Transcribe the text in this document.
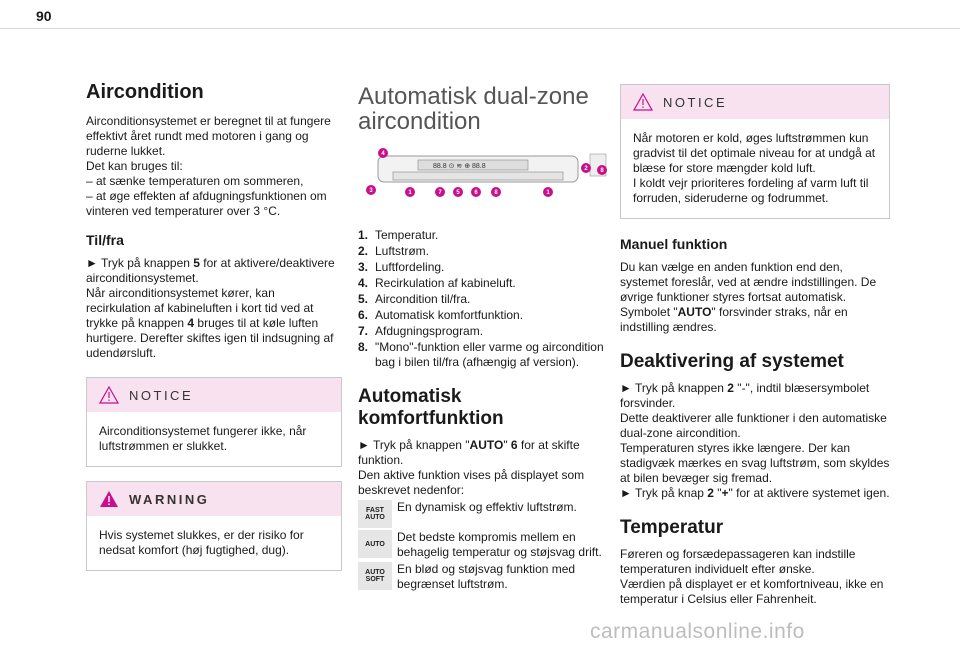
90
Aircondition

Airconditionsystemet er beregnet til at fungere effektivt året rundt med motoren i gang og ruderne lukket.

Det kan bruges til:

– at sænke temperaturen om sommeren,

– at øge effekten af afdugningsfunktionen om vinteren ved temperaturer over 3 °C.

Til/fra

► Tryk på knappen 5 for at aktivere/deaktivere airconditionsystemet.

Når airconditionsystemet kører, kan recirkulation af kabineluften i kort tid ved at trykke på knappen 4 bruges til at køle luften hurtigere. Derefter skiftes igen til indsugning af udendørsluft.

NOTICE
Airconditionsystemet fungerer ikke, når luftstrømmen er slukket.
WARNING
Hvis systemet slukkes, er der risiko for nedsat komfort (høj fugtighed, dug).
Automatisk dual-zone aircondition
88.8 ⊙ ≋ ⊕ 88.8
4
3	1	7 5 6	8	1
2 8
1. Temperatur.
2. Luftstrøm.
3. Luftfordeling.
4. Recirkulation af kabineluft.
5. Aircondition til/fra.
6. Automatisk komfortfunktion.
7. Afdugningsprogram.
8. "Mono"-funktion eller varme og aircondition bag i bilen til/fra (afhængig af version).
Automatisk komfortfunktion

► Tryk på knappen "AUTO" 6 for at skifte funktion.

Den aktive funktion vises på displayet som beskrevet nedenfor:

FAST
AUTO

En dynamisk og effektiv luftstrøm.

AUTO Det bedste kompromis mellem en behagelig temperatur og støjsvag drift.

AUTO
SOFT

En blød og støjsvag funktion med begrænset luftstrøm.

NOTICE

Når motoren er kold, øges luftstrømmen kun gradvist til det optimale niveau for at undgå at blæse for store mængder kold luft.

I koldt vejr prioriteres fordeling af varm luft til forruden, sideruderne og fodrummet.

Manuel funktion

Du kan vælge en anden funktion end den, systemet foreslår, ved at ændre indstillingen. De øvrige funktioner styres fortsat automatisk.

Symbolet "AUTO" forsvinder straks, når en indstilling ændres.

Deaktivering af systemet

► Tryk på knappen 2 "-", indtil blæsersymbolet forsvinder.

Dette deaktiverer alle funktioner i den automatiske dual-zone aircondition.

Temperaturen styres ikke længere. Der kan stadigvæk mærkes en svag luftstrøm, som skyldes at bilen bevæger sig fremad.

► Tryk på knap 2 "+" for at aktivere systemet igen.

Temperatur

Føreren og forsædepassageren kan indstille temperaturen individuelt efter ønske.

Værdien på displayet er et komfortniveau, ikke en temperatur i Celsius eller Fahrenheit.

carmanualsonline.info
